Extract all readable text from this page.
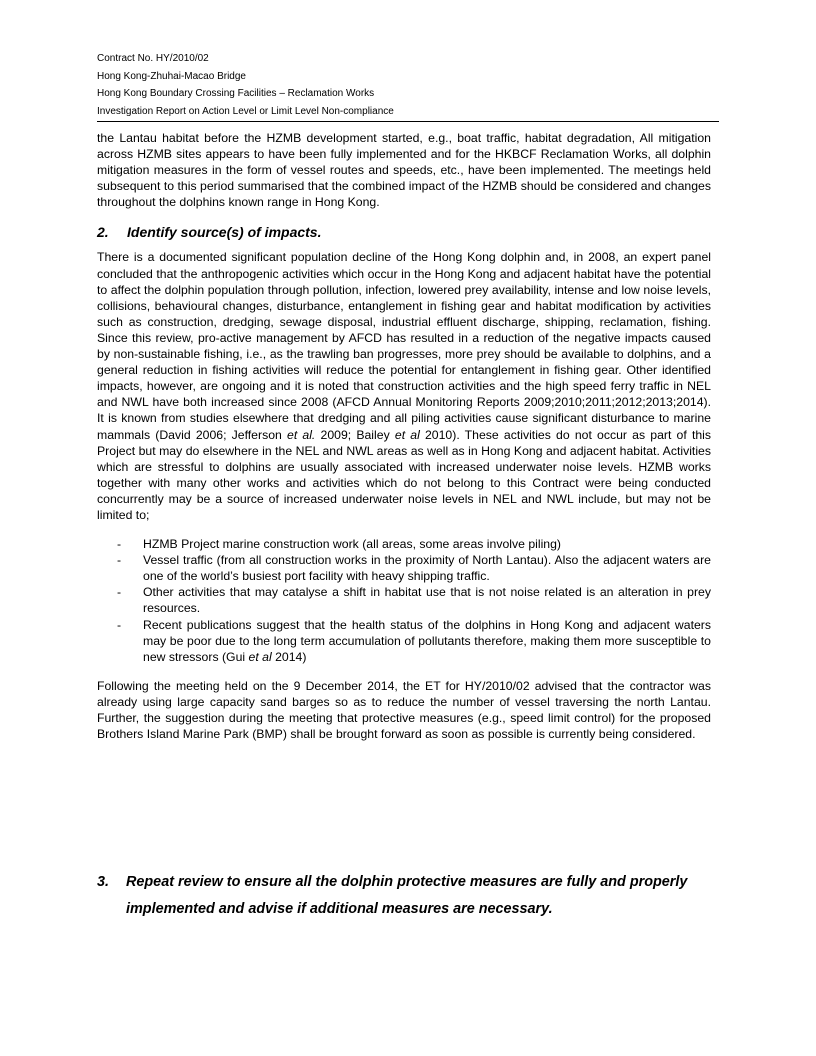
Contract No. HY/2010/02
Hong Kong-Zhuhai-Macao Bridge
Hong Kong Boundary Crossing Facilities – Reclamation Works
Investigation Report on Action Level or Limit Level Non-compliance

the Lantau habitat before the HZMB development started, e.g., boat traffic, habitat degradation, All mitigation across HZMB sites appears to have been fully implemented and for the HKBCF Reclamation Works, all dolphin mitigation measures in the form of vessel routes and speeds, etc., have been implemented. The meetings held subsequent to this period summarised that the combined impact of the HZMB should be considered and changes throughout the dolphins known range in Hong Kong.

2. Identify source(s) of impacts.

There is a documented significant population decline of the Hong Kong dolphin and, in 2008, an expert panel concluded that the anthropogenic activities which occur in the Hong Kong and adjacent habitat have the potential to affect the dolphin population through pollution, infection, lowered prey availability, intense and low noise levels, collisions, behavioural changes, disturbance, entanglement in fishing gear and habitat modification by activities such as construction, dredging, sewage disposal, industrial effluent discharge, shipping, reclamation, fishing. Since this review, pro-active management by AFCD has resulted in a reduction of the negative impacts caused by non-sustainable fishing, i.e., as the trawling ban progresses, more prey should be available to dolphins, and a general reduction in fishing activities will reduce the potential for entanglement in fishing gear. Other identified impacts, however, are ongoing and it is noted that construction activities and the high speed ferry traffic in NEL and NWL have both increased since 2008 (AFCD Annual Monitoring Reports 2009;2010;2011;2012;2013;2014). It is known from studies elsewhere that dredging and all piling activities cause significant disturbance to marine mammals (David 2006; Jefferson et al. 2009; Bailey et al 2010). These activities do not occur as part of this Project but may do elsewhere in the NEL and NWL areas as well as in Hong Kong and adjacent habitat. Activities which are stressful to dolphins are usually associated with increased underwater noise levels. HZMB works together with many other works and activities which do not belong to this Contract were being conducted concurrently may be a source of increased underwater noise levels in NEL and NWL include, but may not be limited to;

- HZMB Project marine construction work (all areas, some areas involve piling)
- Vessel traffic (from all construction works in the proximity of North Lantau). Also the adjacent waters are one of the world’s busiest port facility with heavy shipping traffic.
- Other activities that may catalyse a shift in habitat use that is not noise related is an alteration in prey resources.
- Recent publications suggest that the health status of the dolphins in Hong Kong and adjacent waters may be poor due to the long term accumulation of pollutants therefore, making them more susceptible to new stressors (Gui et al 2014)

Following the meeting held on the 9 December 2014, the ET for HY/2010/02 advised that the contractor was already using large capacity sand barges so as to reduce the number of vessel traversing the north Lantau. Further, the suggestion during the meeting that protective measures (e.g., speed limit control) for the proposed Brothers Island Marine Park (BMP) shall be brought forward as soon as possible is currently being considered.

3.	Repeat review to ensure all the dolphin protective measures are fully and properly implemented and advise if additional measures are necessary.
